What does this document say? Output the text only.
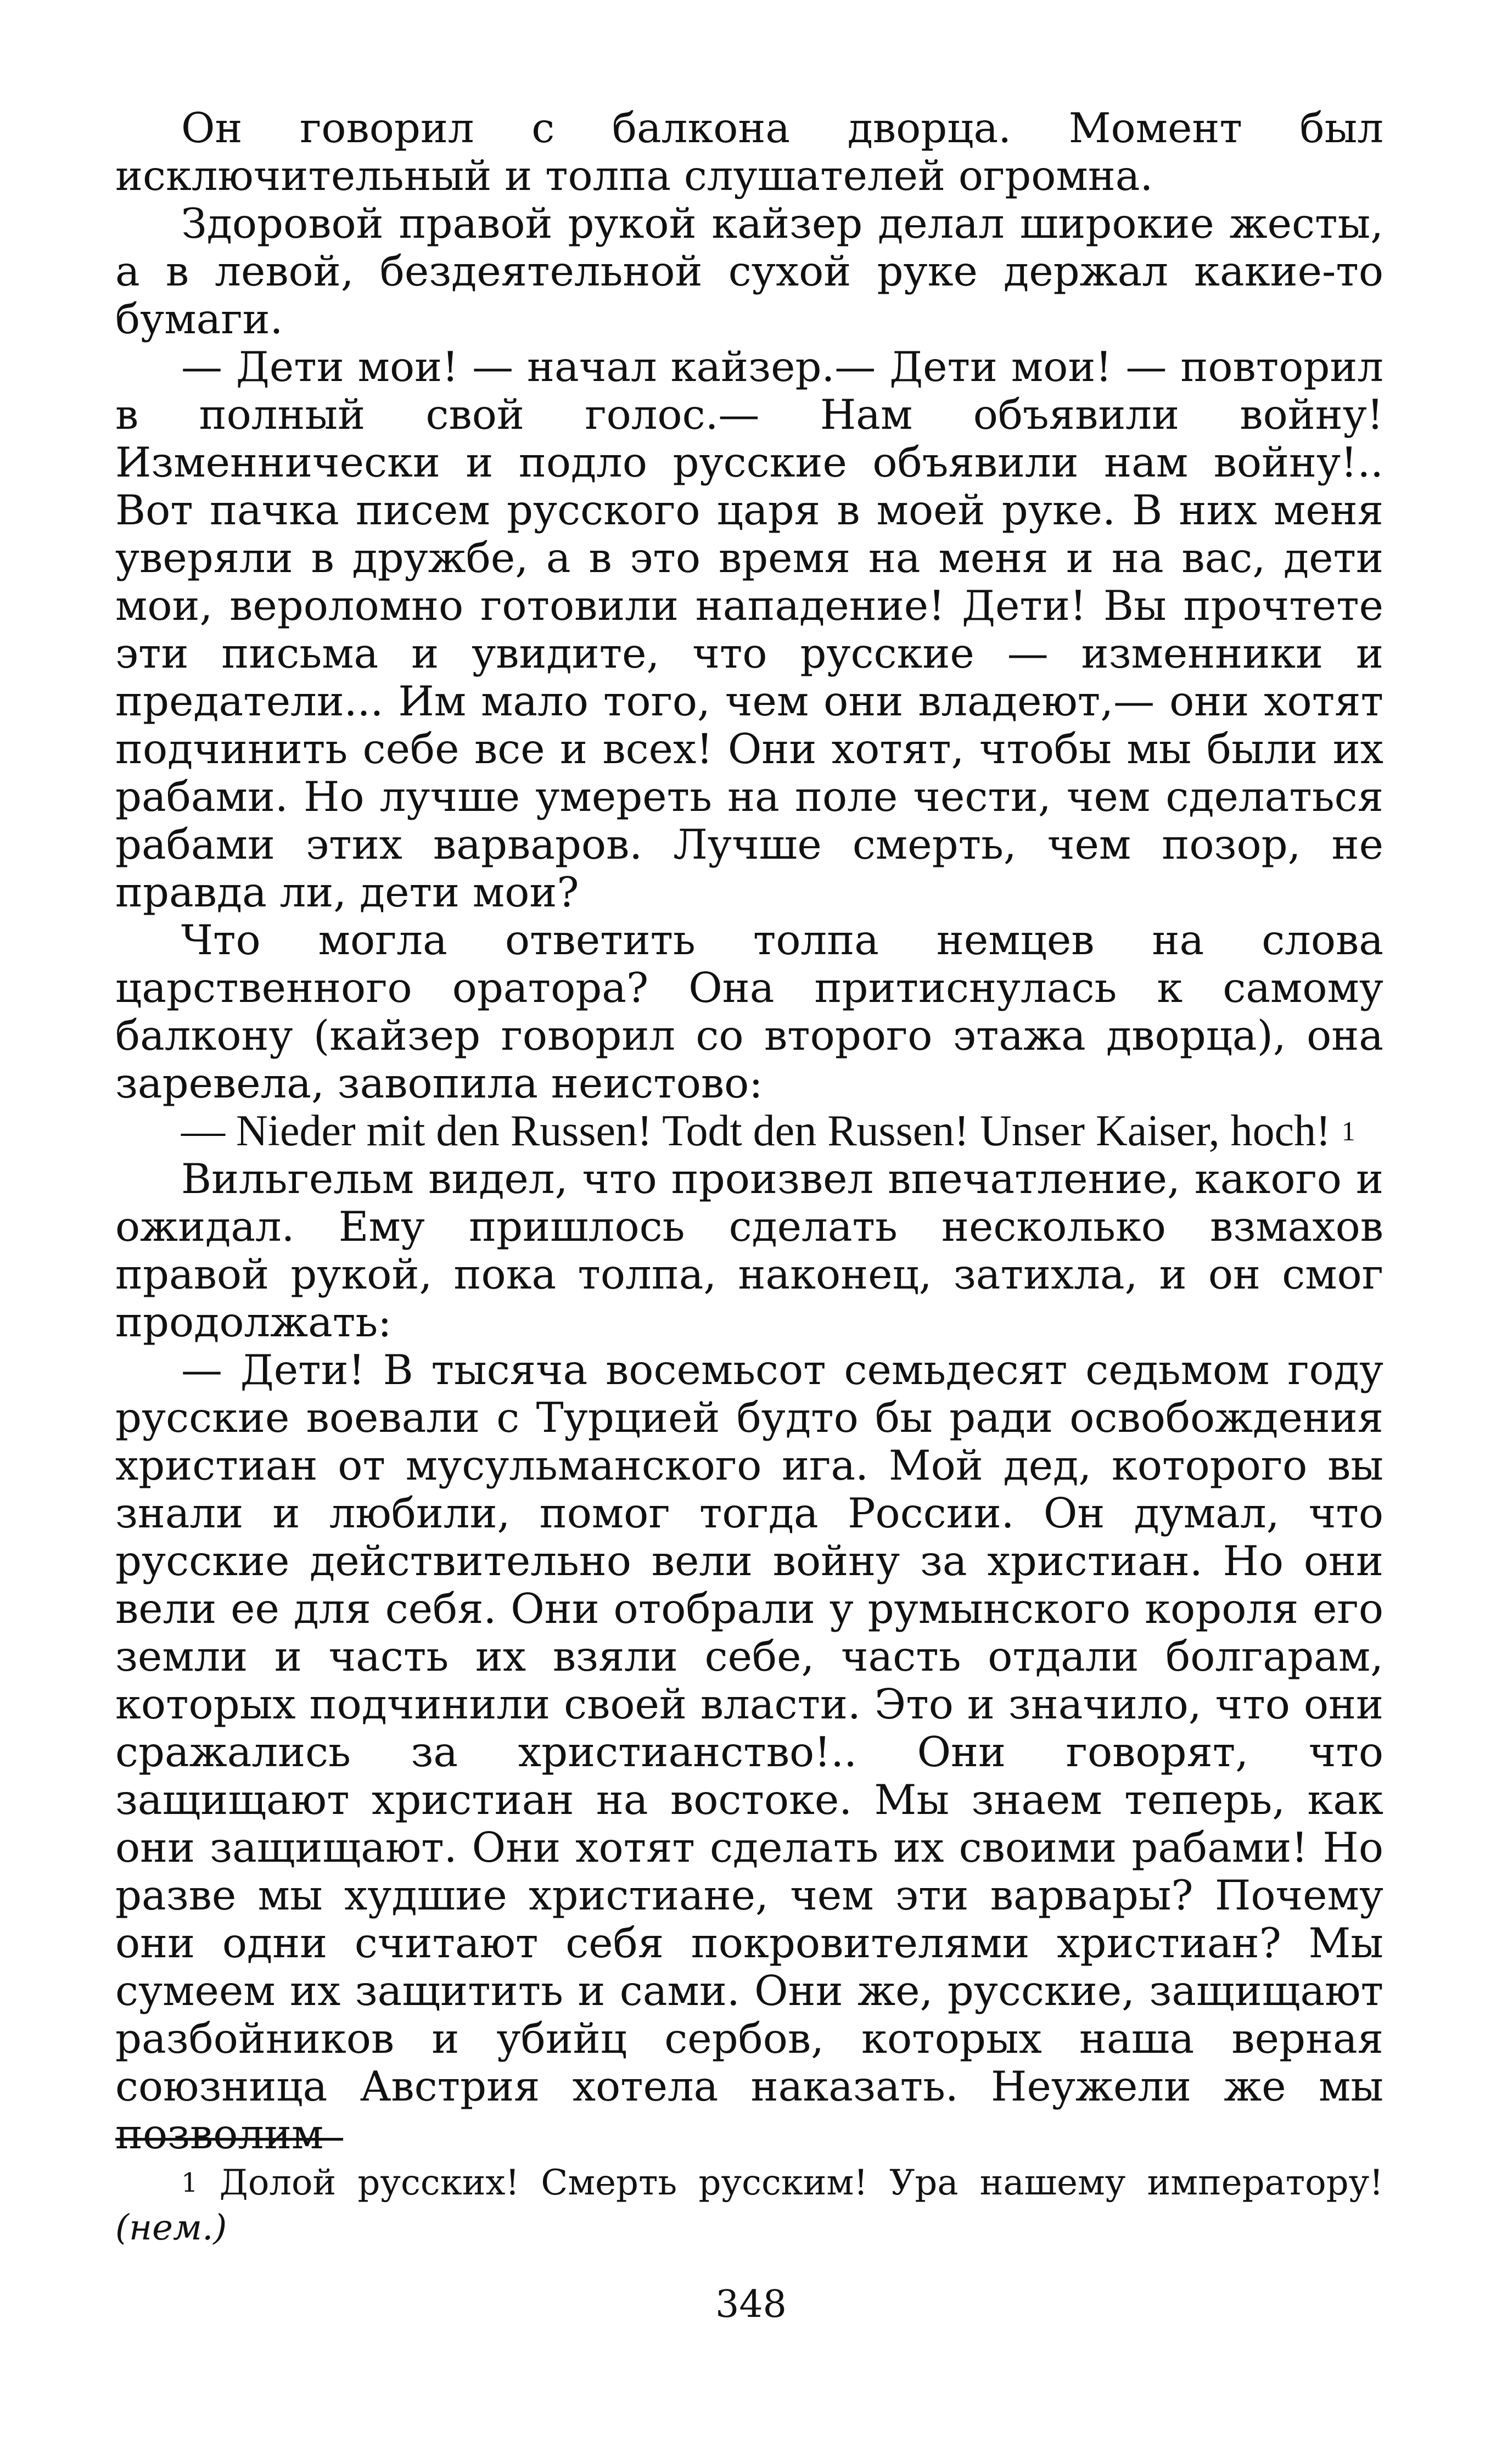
Он говорил с балкона дворца. Момент был исключительный и толпа слушателей огромна.

Здоровой правой рукой кайзер делал широкие жесты, а в левой, бездеятельной сухой руке держал какие-то бумаги.

— Дети мои! — начал кайзер.— Дети мои! — повторил в полный свой голос.— Нам объявили войну! Изменнически и подло русские объявили нам войну!.. Вот пачка писем русского царя в моей руке. В них меня уверяли в дружбе, а в это время на меня и на вас, дети мои, вероломно готовили нападение! Дети! Вы прочтете эти письма и увидите, что русские — изменники и предатели... Им мало того, чем они владеют,— они хотят подчинить себе все и всех! Они хотят, чтобы мы были их рабами. Но лучше умереть на поле чести, чем сделаться рабами этих варваров. Лучше смерть, чем позор, не правда ли, дети мои?

Что могла ответить толпа немцев на слова царственного оратора? Она притиснулась к самому балкону (кайзер говорил со второго этажа дворца), она заревела, завопила неистово:

— Nieder mit den Russen! Todt den Russen! Unser Kaiser, hoch! $^1$

Вильгельм видел, что произвел впечатление, какого и ожидал. Ему пришлось сделать несколько взмахов правой рукой, пока толпа, наконец, затихла, и он смог продолжать:

— Дети! В тысяча восемьсот семьдесят седьмом году русские воевали с Турцией будто бы ради освобождения христиан от мусульманского ига. Мой дед, которого вы знали и любили, помог тогда России. Он думал, что русские действительно вели войну за христиан. Но они вели ее для себя. Они отобрали у румынского короля его земли и часть их взяли себе, часть отдали болгарам, которых подчинили своей власти. Это и значило, что они сражались за христианство!.. Они говорят, что защищают христиан на востоке. Мы знаем теперь, как они защищают. Они хотят сделать их своими рабами! Но разве мы худшие христиане, чем эти варвары? Почему они одни считают себя покровителями христиан? Мы сумеем их защитить и сами. Они же, русские, защищают разбойников и убийц сербов, которых наша верная союзница Австрия хотела наказать. Неужели же мы позволим

$^1$ Долой русских! Смерть русским! Ура нашему императору! (нем.)

348
